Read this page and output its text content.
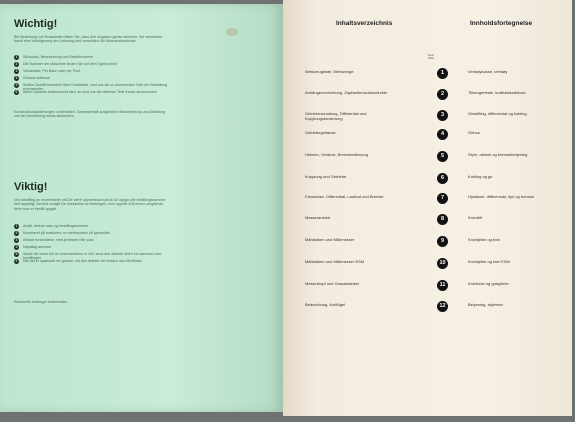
Wichtig!
Bei Bestellung von Ersatzteilen bitten Sie, dass Ihre Angaben genau stimmen. Sie vermeiden damit eine Verzögerung der Lieferung und vermeiden Sie Missverständnisse.
1	Stückzahl, Bezeichnung und Bestellnummer
2	Die Nummer der Maschine finden Sie auf dem Typenschild
3	Versandart: Per Bahn oder per Post
4	Genaue Adresse
5	Sollten Zweifel bestehen über Ersatzteile, sind uns die zu ersetzenden Teile der Bestellung einzusenden
6	Wenn Garantie beansprucht wird, so sind uns die defekten Teile franko einzusenden
Konstruktionsänderungen vorbehalten. Gewissenhaft ausgeführte Beschreibung und Abbildung von der Ausführung etwas abweichen.
Viktig!
Ved bestilling av reservedeler må De være oppmerksom på at De oppgir alle bestillingsnummer helt nøyaktig. Derved unngår De forsinkelse av leveringen, men oppnår å få levere omgående deler som er bestilt oppgitt.
1	Antall, delens navn og bestillingsnummer
2	Nummeret på maskinen, se merkeplaten på typeskiltet
3	Ønsket forsendelse: med jernbane eller post
4	Nøyaktig adresse
5	Skulle det være tvil om reservedelene er rett, send den defekte delen inn sammen med bestillingen
6	Når det er spørsmål om garanti, må den defekte del sendes oss fritt tilbake
Eventuelle endringer forbeholdes.
Inhaltsverzeichnis	Innholdsfortegnelse
Nein
Side
Werkzeugkiste, Werkzeuge	1	Verktøykasse, verktøy
Anhängervorrichtung, Zapfwellenschutzdeckel	2	Tilhengerfeste, kraftuttaksdeksel
Getriebeschaltung, Differential und Kupplungsbedienung
3	Girskifting, differensial og kobling
Getriebegehäuse	4	Girhus
Holmen, Verdeck, Bremsbedienung	5	Styre, deksel og bremsebetjening
Kupplung und Getriebe	6	Kobling og gir
Fahrachse, Differential, Laufrad und Bremse	7	Hjulaksel, differensial, hjul og bremse
Messerantrieb	8	Knivdrift
Mähbalken und Mähmesser	9	Knivbjelke og kniv
Mähbalken und Mähmesser ESM	10	Knivbjelke og kniv ESM
Messerkopf und Grasabweiser	11	Knivhode og graspleier
Beleuchtung, Kotflügel	12	Belysning, skjermer
